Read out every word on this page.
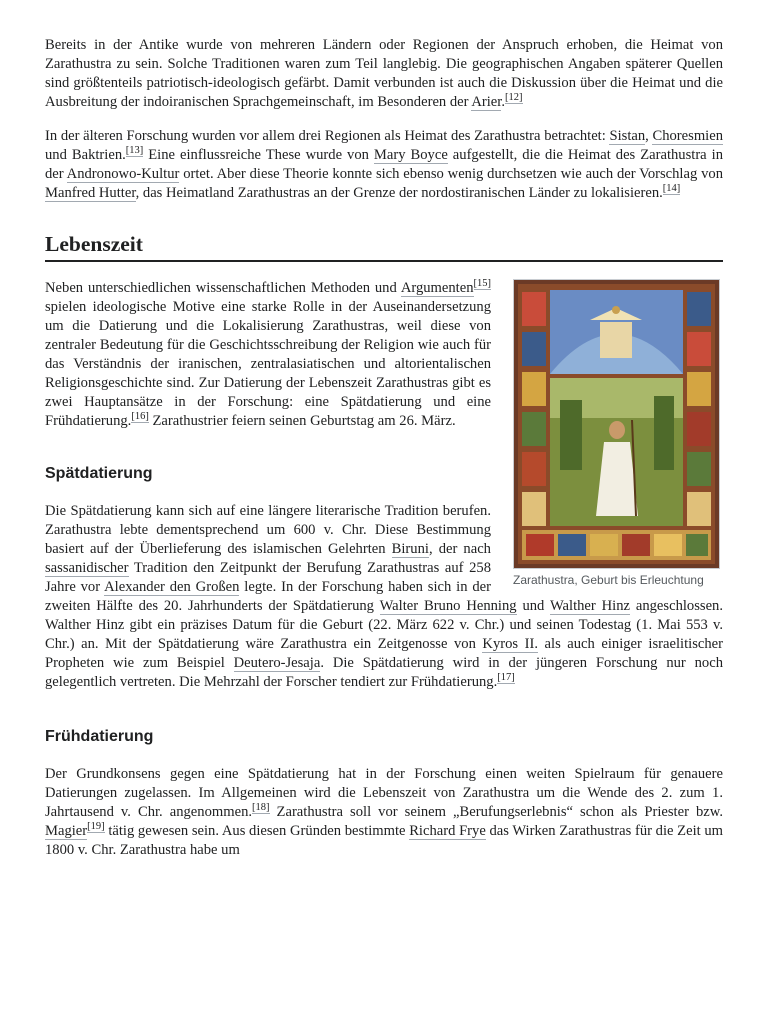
Bereits in der Antike wurde von mehreren Ländern oder Regionen der Anspruch erhoben, die Heimat von Zarathustra zu sein. Solche Traditionen waren zum Teil langlebig. Die geographischen Angaben späterer Quellen sind größtenteils patriotisch-ideologisch gefärbt. Damit verbunden ist auch die Diskussion über die Heimat und die Ausbreitung der indoiranischen Sprachgemeinschaft, im Besonderen der Arier.[12]

In der älteren Forschung wurden vor allem drei Regionen als Heimat des Zarathustra betrachtet: Sistan, Choresmien und Baktrien.[13] Eine einflussreiche These wurde von Mary Boyce aufgestellt, die die Heimat des Zarathustra in der Andronowo-Kultur ortet. Aber diese Theorie konnte sich ebenso wenig durchsetzen wie auch der Vorschlag von Manfred Hutter, das Heimatland Zarathustras an der Grenze der nordostiranischen Länder zu lokalisieren.[14]

Lebenszeit
Zarathustra, Geburt bis Erleuchtung

Neben unterschiedlichen wissenschaftlichen Methoden und Argumenten[15] spielen ideologische Motive eine starke Rolle in der Auseinandersetzung um die Datierung und die Lokalisierung Zarathustras, weil diese von zentraler Bedeutung für die Geschichtsschreibung der Religion wie auch für das Verständnis der iranischen, zentralasiatischen und altorientalischen Religionsgeschichte sind. Zur Datierung der Lebenszeit Zarathustras gibt es zwei Hauptansätze in der Forschung: eine Spätdatierung und eine Frühdatierung.[16] Zarathustrier feiern seinen Geburtstag am 26. März.

Spätdatierung

Die Spätdatierung kann sich auf eine längere literarische Tradition berufen. Zarathustra lebte dementsprechend um 600 v. Chr. Diese Bestimmung basiert auf der Überlieferung des islamischen Gelehrten Biruni, der nach sassanidischer Tradition den Zeitpunkt der Berufung Zarathustras auf 258 Jahre vor Alexander den Großen legte. In der Forschung haben sich in der zweiten Hälfte des 20. Jahrhunderts der Spätdatierung Walter Bruno Henning und Walther Hinz angeschlossen. Walther Hinz gibt ein präzises Datum für die Geburt (22. März 622 v. Chr.) und seinen Todestag (1. Mai 553 v. Chr.) an. Mit der Spätdatierung wäre Zarathustra ein Zeitgenosse von Kyros II. als auch einiger israelitischer Propheten wie zum Beispiel Deutero-Jesaja. Die Spätdatierung wird in der jüngeren Forschung nur noch gelegentlich vertreten. Die Mehrzahl der Forscher tendiert zur Frühdatierung.[17]

Frühdatierung

Der Grundkonsens gegen eine Spätdatierung hat in der Forschung einen weiten Spielraum für genauere Datierungen zugelassen. Im Allgemeinen wird die Lebenszeit von Zarathustra um die Wende des 2. zum 1. Jahrtausend v. Chr. angenommen.[18] Zarathustra soll vor seinem „Berufungserlebnis“ schon als Priester bzw. Magier[19] tätig gewesen sein. Aus diesen Gründen bestimmte Richard Frye das Wirken Zarathustras für die Zeit um 1800 v. Chr. Zarathustra habe um
